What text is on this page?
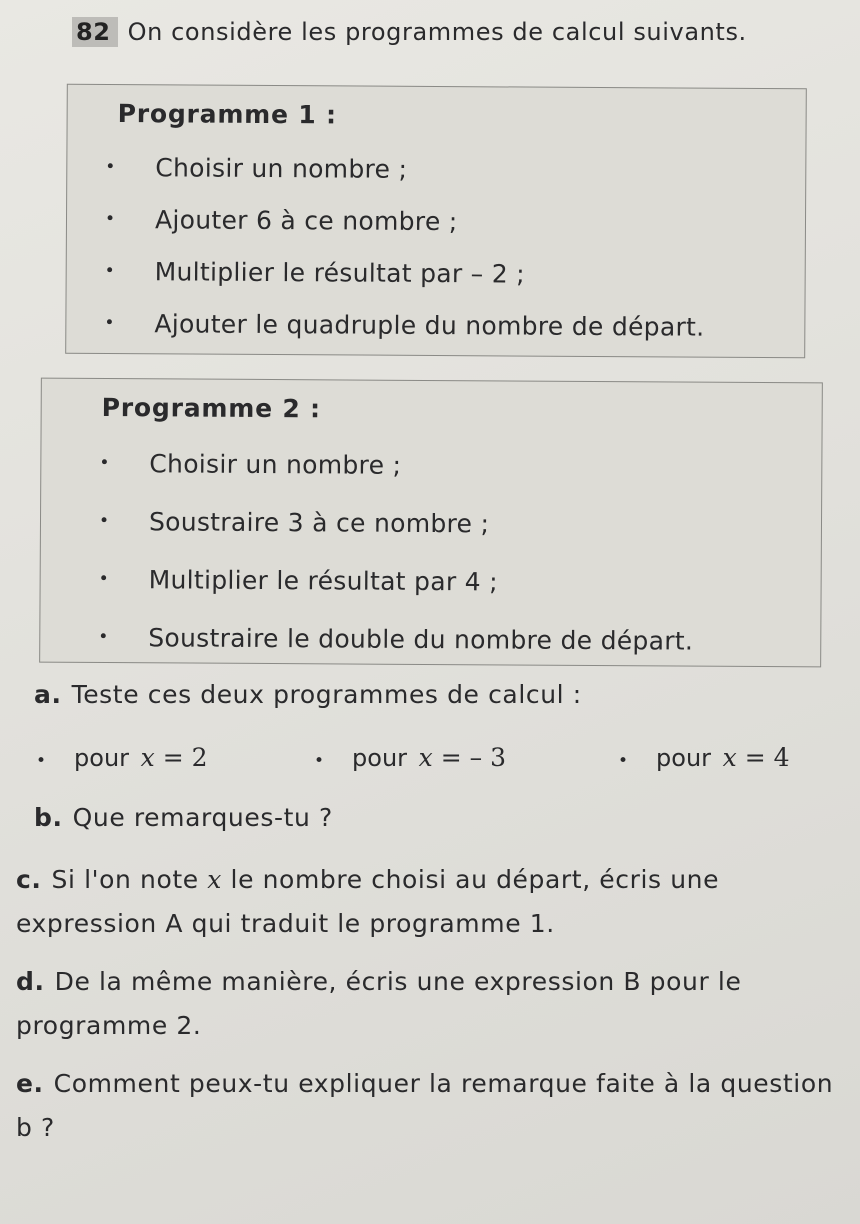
82 On considère les programmes de calcul suivants.
Programme 1 :
•	Choisir un nombre ;
•	Ajouter 6 à ce nombre ;
•	Multiplier le résultat par – 2 ;
•	Ajouter le quadruple du nombre de départ.
Programme 2 :
•	Choisir un nombre ;
•	Soustraire 3 à ce nombre ;
•	Multiplier le résultat par 4 ;
•	Soustraire le double du nombre de départ.
a. Teste ces deux programmes de calcul :
• pour x = 2	• pour x = – 3	• pour x = 4
b. Que remarques-tu ?
c. Si l'on note x le nombre choisi au départ, écris une expression A qui traduit le programme 1.
d. De la même manière, écris une expression B pour le programme 2.
e. Comment peux-tu expliquer la remarque faite à la question b ?
